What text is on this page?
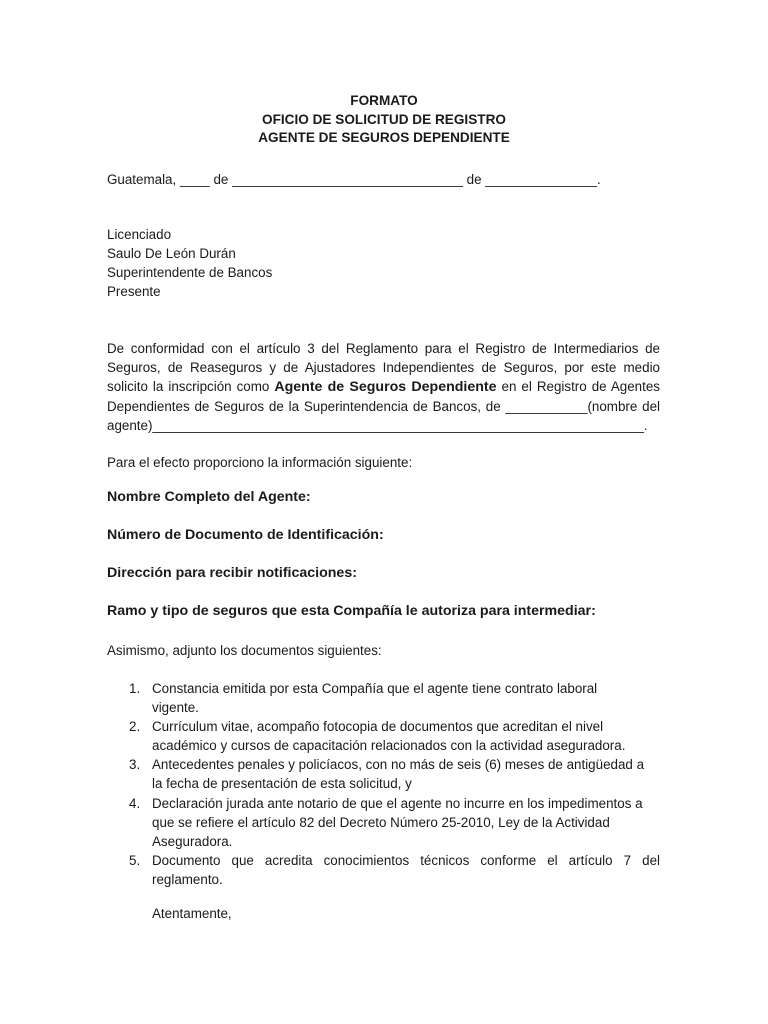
FORMATO
OFICIO DE SOLICITUD DE REGISTRO
AGENTE DE SEGUROS DEPENDIENTE
Guatemala, ____ de _______________________________ de _______________.
Licenciado
Saulo De León Durán
Superintendente de Bancos
Presente
De conformidad con el artículo 3 del Reglamento para el Registro de Intermediarios de
Seguros, de Reaseguros y de Ajustadores Independientes de Seguros, por este medio
solicito la inscripción como Agente de Seguros Dependiente en el Registro de Agentes
Dependientes de Seguros de la Superintendencia de Bancos, de ___________(nombre del
agente)__________________________________________________________________.
Para el efecto proporciono la información siguiente:
Nombre Completo del Agente:
Número de Documento de Identificación:
Dirección para recibir notificaciones:
Ramo y tipo de seguros que esta Compañía le autoriza para intermediar:
Asimismo, adjunto los documentos siguientes:
1. Constancia emitida por esta Compañía que el agente tiene contrato laboral
vigente.
2. Currículum vitae, acompaño fotocopia de documentos que acreditan el nivel
académico y cursos de capacitación relacionados con la actividad aseguradora.
3. Antecedentes penales y policíacos, con no más de seis (6) meses de antigüedad a
la fecha de presentación de esta solicitud, y
4. Declaración jurada ante notario de que el agente no incurre en los impedimentos a
que se refiere el artículo 82 del Decreto Número 25-2010, Ley de la Actividad
Aseguradora.
5. Documento que acredita conocimientos técnicos conforme el artículo 7 del
reglamento.
Atentamente,
